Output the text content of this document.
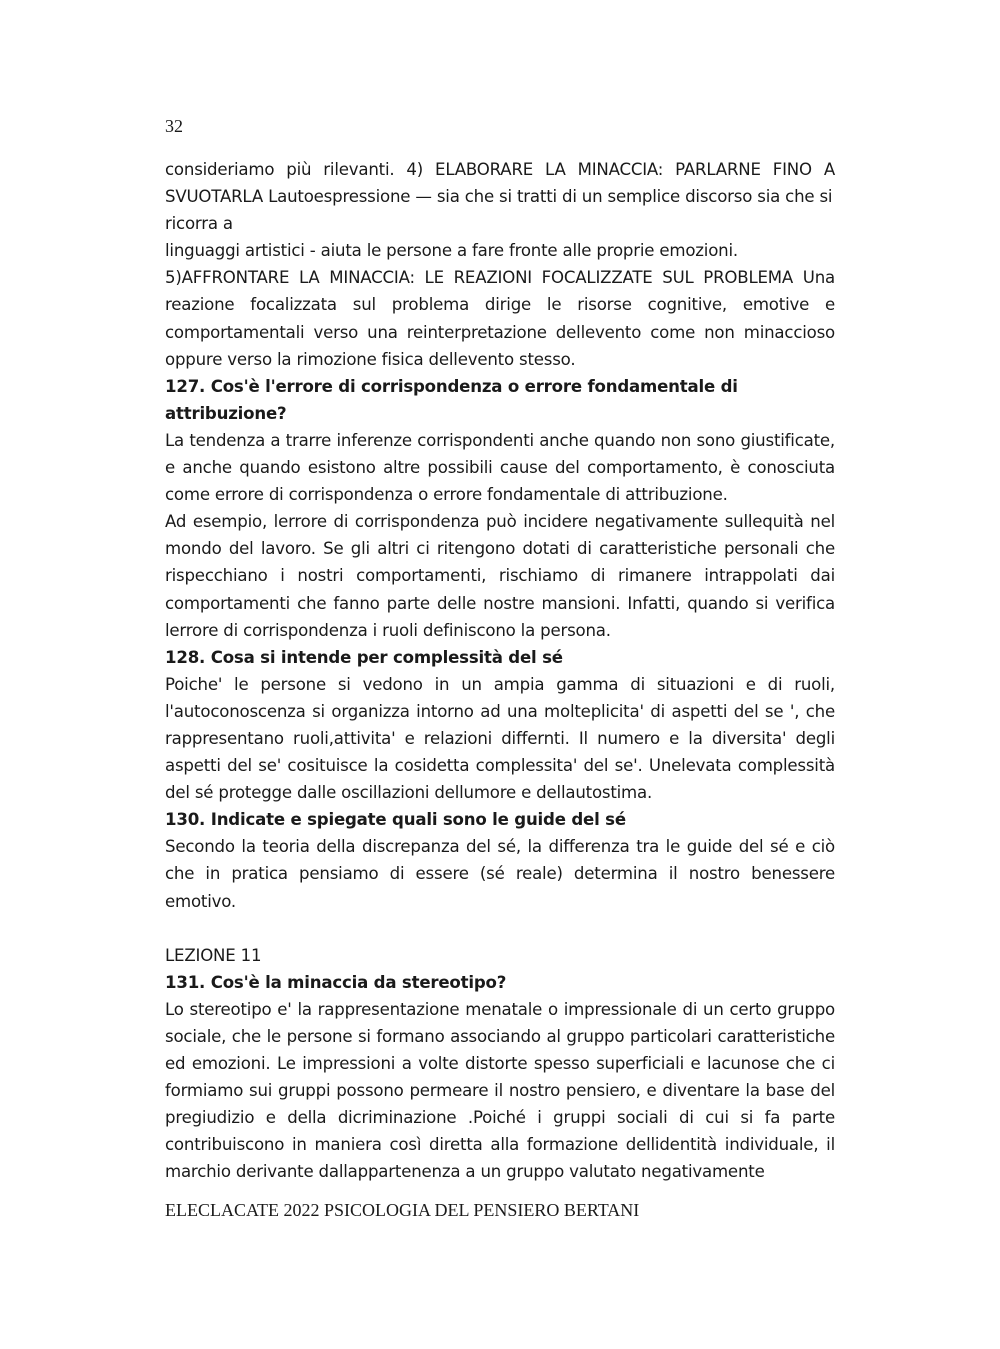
32

consideriamo più rilevanti. 4) ELABORARE LA MINACCIA: PARLARNE FINO A SVUOTARLA Lautoespressione — sia che si tratti di un semplice discorso sia che si

ricorra a

linguaggi artistici - aiuta le persone a fare fronte alle proprie emozioni.

5)AFFRONTARE LA MINACCIA: LE REAZIONI FOCALIZZATE SUL PROBLEMA Una reazione focalizzata sul problema dirige le risorse cognitive, emotive e comportamentali verso una reinterpretazione dellevento come non minaccioso oppure verso la rimozione fisica dellevento stesso.

127. Cos'è l'errore di corrispondenza o errore fondamentale di attribuzione?

La tendenza a trarre inferenze corrispondenti anche quando non sono giustificate, e anche quando esistono altre possibili cause del comportamento, è conosciuta come errore di corrispondenza o errore fondamentale di attribuzione.

Ad esempio, lerrore di corrispondenza può incidere negativamente sullequità nel mondo del lavoro. Se gli altri ci ritengono dotati di caratteristiche personali che rispecchiano i nostri comportamenti, rischiamo di rimanere intrappolati dai comportamenti che fanno parte delle nostre mansioni. Infatti, quando si verifica lerrore di corrispondenza i ruoli definiscono la persona.

128. Cosa si intende per complessità del sé

Poiche' le persone si vedono in un ampia gamma di situazioni e di ruoli, l'autoconoscenza si organizza intorno ad una molteplicita' di aspetti del se ', che rappresentano ruoli,attivita' e relazioni differnti. Il numero e la diversita' degli aspetti del se' cosituisce la cosidetta complessita' del se'. Unelevata complessità del sé protegge dalle oscillazioni dellumore e dellautostima.

130. Indicate e spiegate quali sono le guide del sé

Secondo la teoria della discrepanza del sé, la differenza tra le guide del sé e ciò che in pratica pensiamo di essere (sé reale) determina il nostro benessere emotivo.

LEZIONE 11

131. Cos'è la minaccia da stereotipo?

Lo stereotipo e' la rappresentazione menatale o impressionale di un certo gruppo sociale, che le persone si formano associando al gruppo particolari caratteristiche ed emozioni. Le impressioni a volte distorte spesso superficiali e lacunose che ci formiamo sui gruppi possono permeare il nostro pensiero, e diventare la base del pregiudizio e della dicriminazione .Poiché i gruppi sociali di cui si fa parte contribuiscono in maniera così diretta alla formazione dellidentità individuale, il marchio derivante dallappartenenza a un gruppo valutato negativamente

ELECLACATE 2022 PSICOLOGIA DEL PENSIERO BERTANI
